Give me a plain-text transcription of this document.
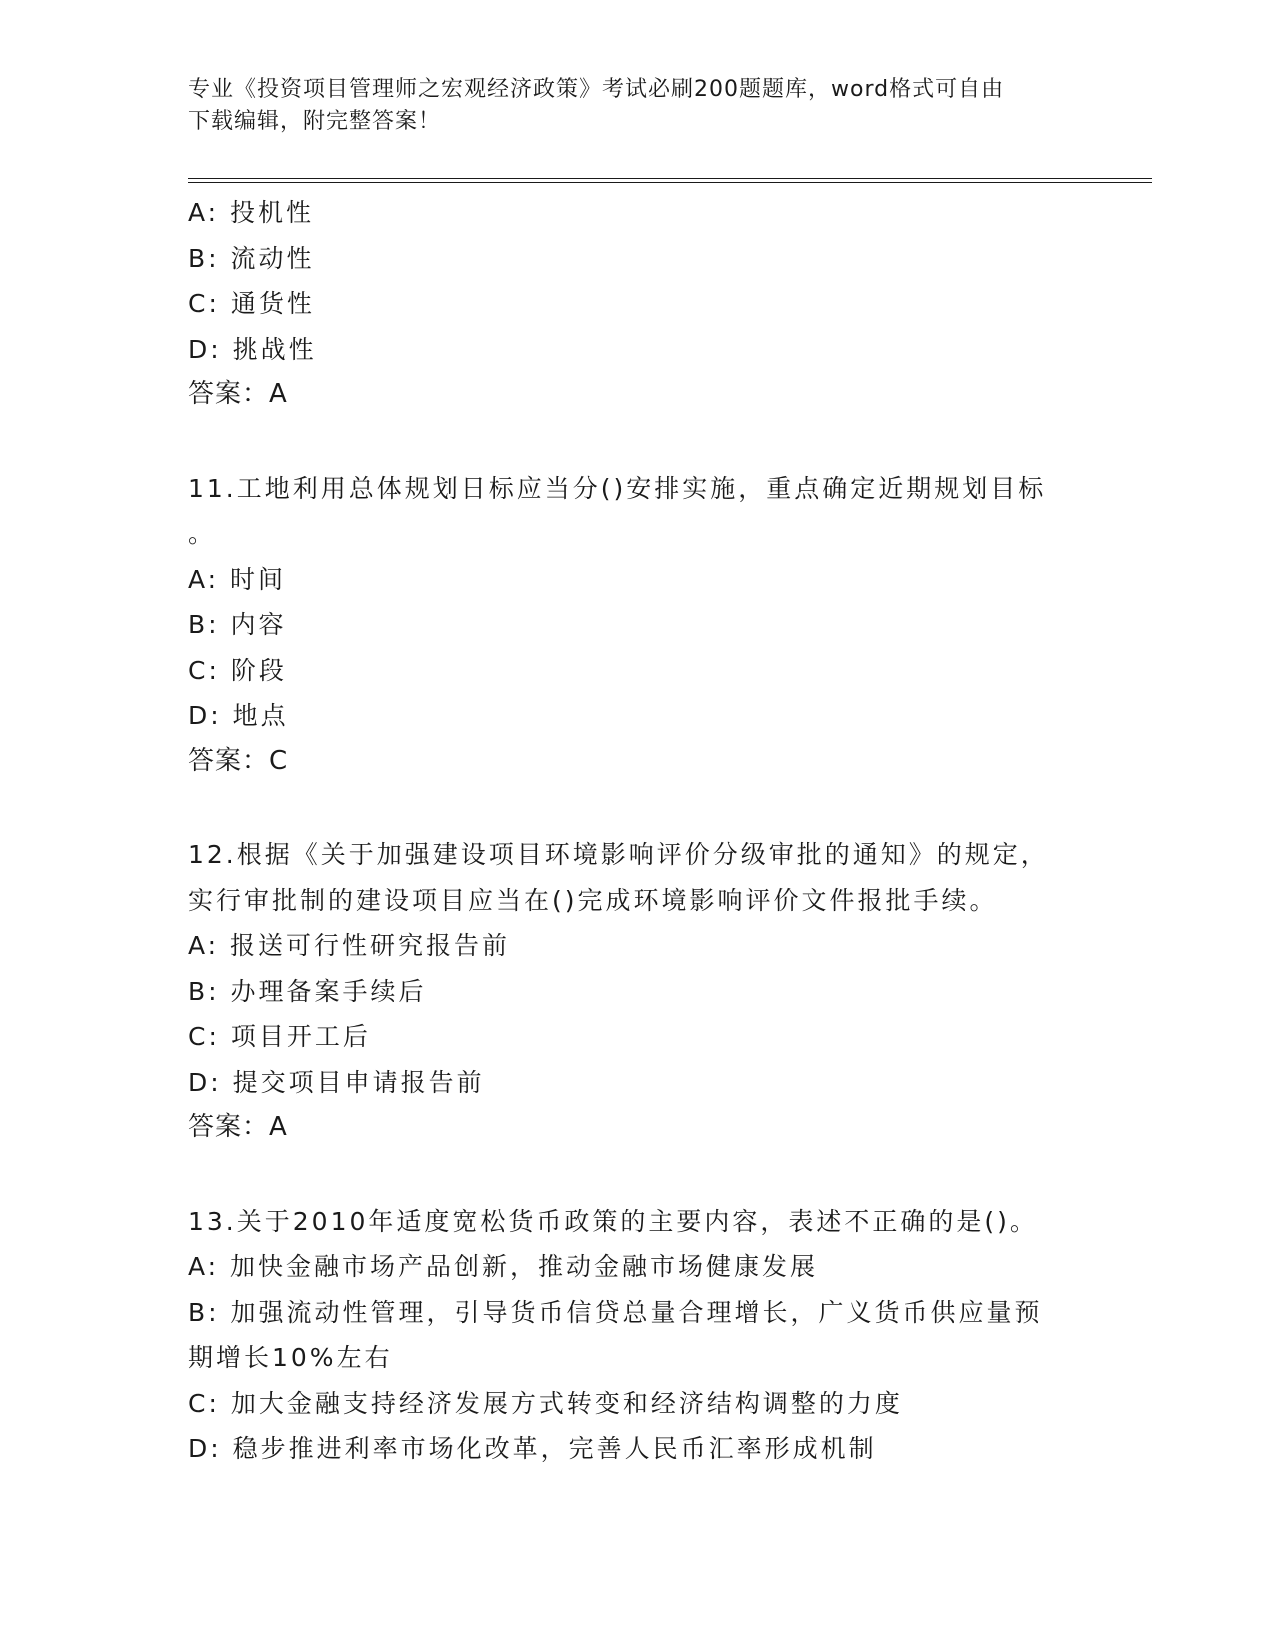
专业《投资项目管理师之宏观经济政策》考试必刷200题题库，word格式可自由
下载编辑，附完整答案！
A: 投机性
B: 流动性
C: 通货性
D: 挑战性
答案：A
11.工地利用总体规划日标应当分()安排实施，重点确定近期规划目标
。
A: 时间
B: 内容
C: 阶段
D: 地点
答案：C
12.根据《关于加强建设项目环境影响评价分级审批的通知》的规定，
实行审批制的建设项目应当在()完成环境影响评价文件报批手续。
A: 报送可行性研究报告前
B: 办理备案手续后
C: 项目开工后
D: 提交项目申请报告前
答案：A
13.关于2010年适度宽松货币政策的主要内容，表述不正确的是()。
A: 加快金融市场产品创新，推动金融市场健康发展
B: 加强流动性管理，引导货币信贷总量合理增长，广义货币供应量预
期增长10%左右
C: 加大金融支持经济发展方式转变和经济结构调整的力度
D: 稳步推进利率市场化改革，完善人民币汇率形成机制
